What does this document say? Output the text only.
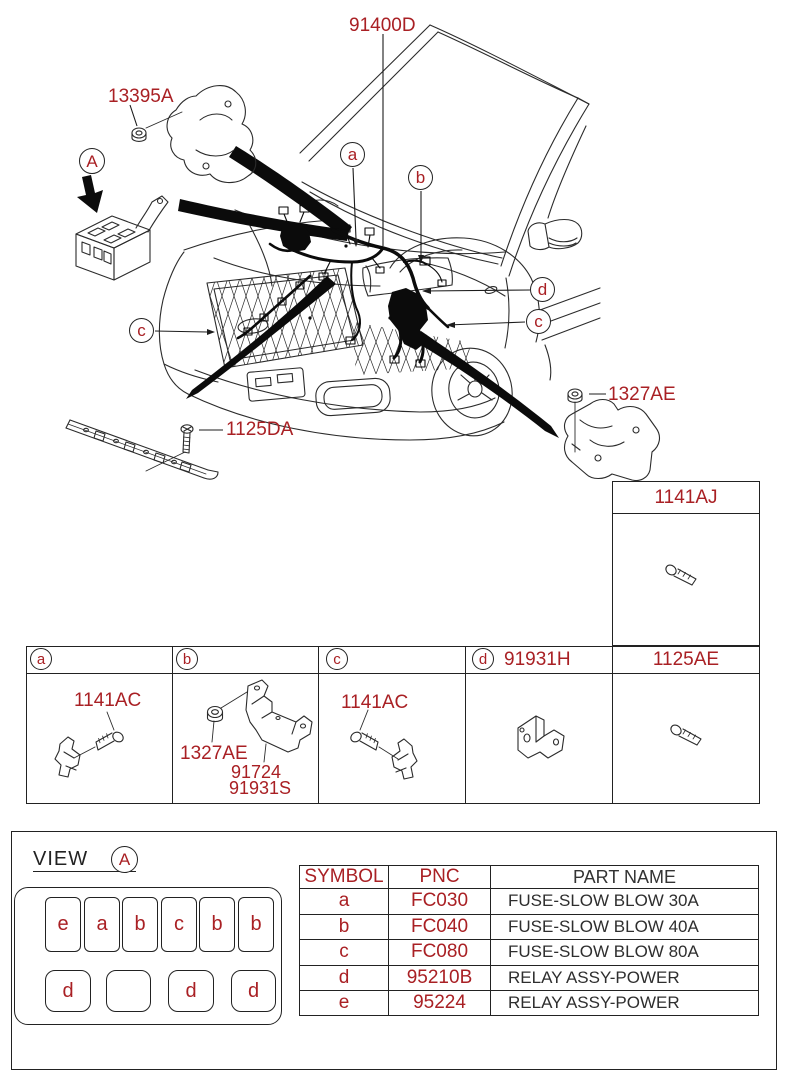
91400D
13395A
1125DA
1327AE
A	a
b
c
d
c
1141AJ
a	b	c	d 91931H	1125AE
1141AC
1327AE
91724
91931S
1141AC
VIEW A
e a b c b b
d	d	d
SYMBOL	PNC	PART NAME
a	FC030	FUSE-SLOW BLOW 30A
b	FC040	FUSE-SLOW BLOW 40A
c	FC080	FUSE-SLOW BLOW 80A
d	95210B	RELAY ASSY-POWER
e	95224	RELAY ASSY-POWER
